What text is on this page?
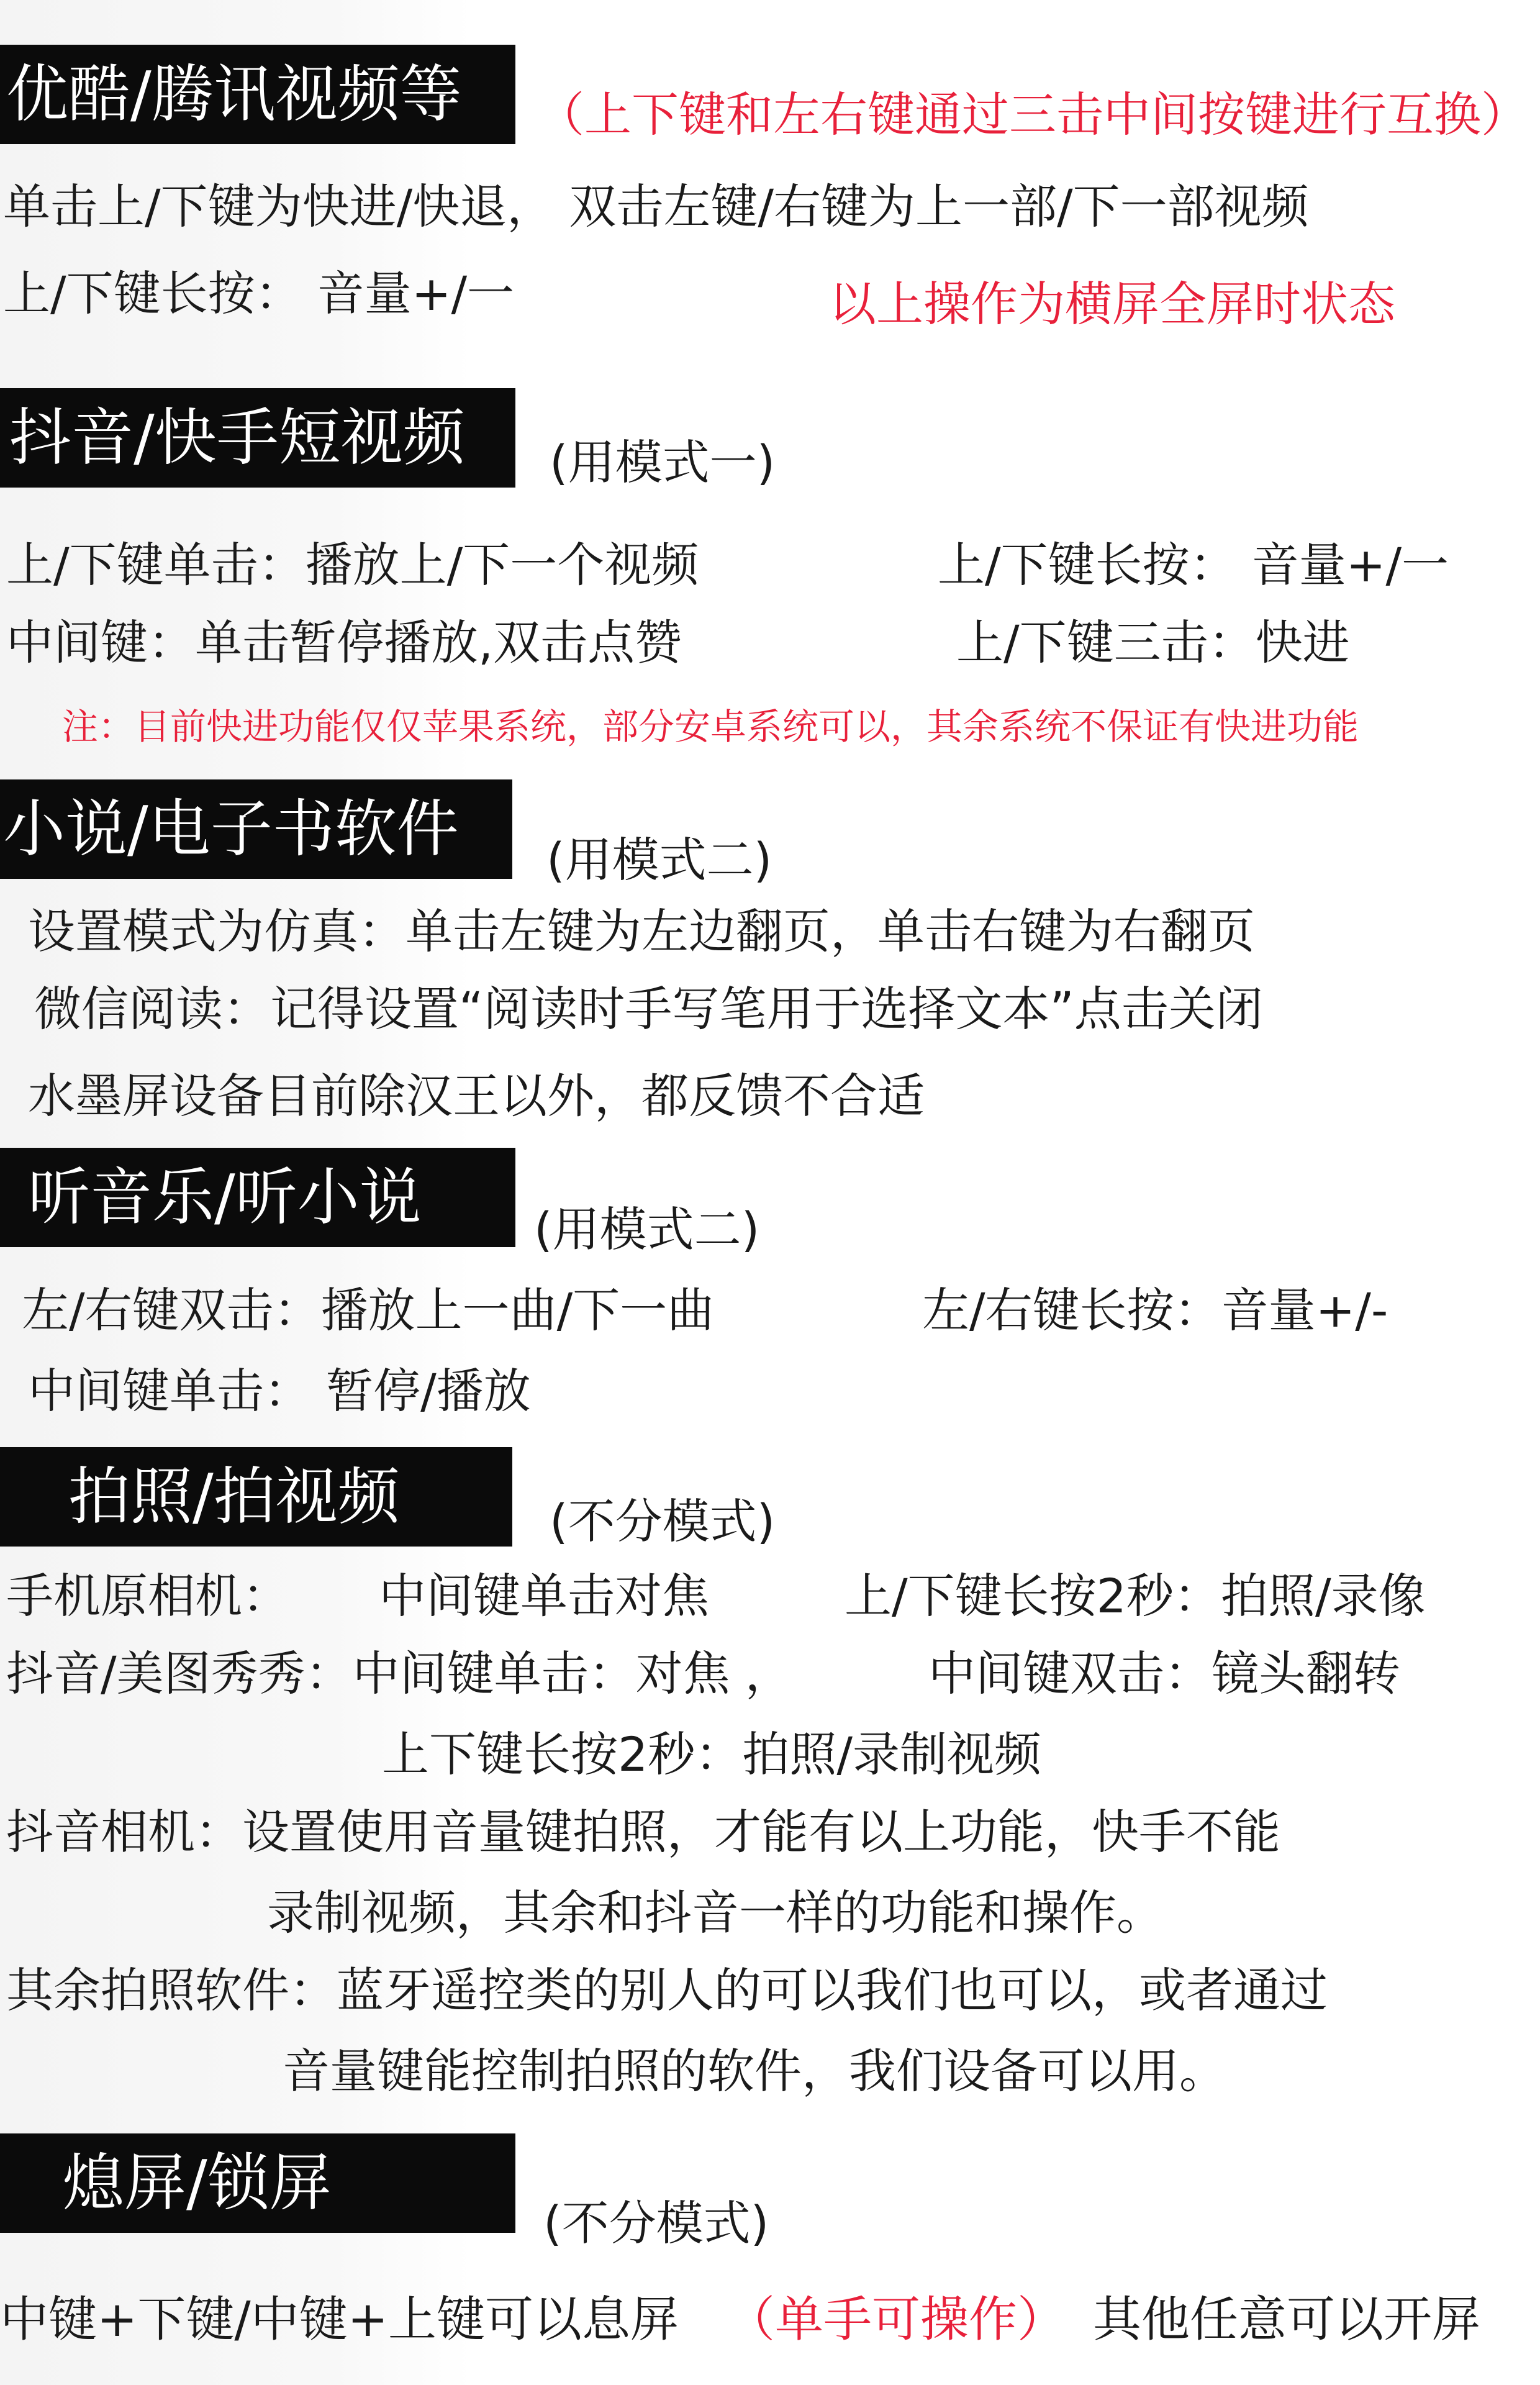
优酷/腾讯视频等	（上下键和左右键通过三击中间按键进行互换）
单击上/下键为快进/快退， 双击左键/右键为上一部/下一部视频
上/下键长按： 音量+/一	以上操作为横屏全屏时状态
抖音/快手短视频	(用模式一)
上/下键单击：播放上/下一个视频	上/下键长按： 音量+/一
中间键：单击暂停播放,双击点赞	上/下键三击：快进
注：目前快进功能仅仅苹果系统，部分安卓系统可以，其余系统不保证有快进功能
小说/电子书软件	(用模式二)
设置模式为仿真：单击左键为左边翻页，单击右键为右翻页
微信阅读：记得设置“阅读时手写笔用于选择文本”点击关闭
水墨屏设备目前除汉王以外，都反馈不合适
听音乐/听小说	(用模式二)
左/右键双击：播放上一曲/下一曲	左/右键长按：音量+/-
中间键单击： 暂停/播放
拍照/拍视频	(不分模式)
手机原相机： 中间键单击对焦	上/下键长按2秒：拍照/录像
抖音/美图秀秀：中间键单击：对焦 ，	中间键双击：镜头翻转
上下键长按2秒：拍照/录制视频
抖音相机：设置使用音量键拍照，才能有以上功能，快手不能
录制视频，其余和抖音一样的功能和操作。
其余拍照软件：蓝牙遥控类的别人的可以我们也可以，或者通过
音量键能控制拍照的软件，我们设备可以用。
熄屏/锁屏
(不分模式)
中键+下键/中键+上键可以息屏 （单手可操作） 其他任意可以开屏
